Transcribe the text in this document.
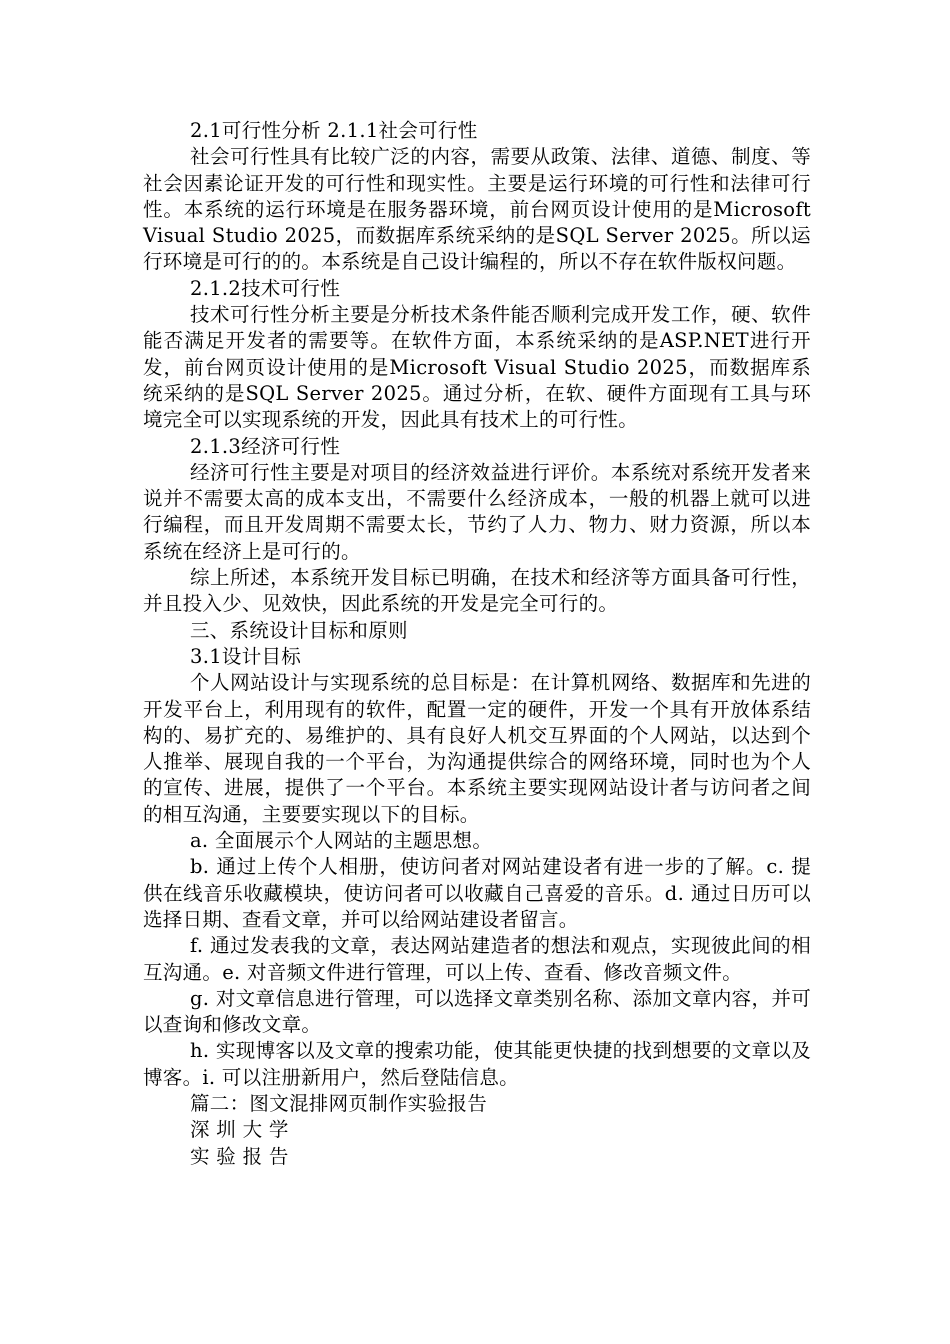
2.1可行性分析 2.1.1社会可行性

社会可行性具有比较广泛的内容，需要从政策、法律、道德、制度、等社会因素论证开发的可行性和现实性。主要是运行环境的可行性和法律可行性。本系统的运行环境是在服务器环境，前台网页设计使用的是Microsoft Visual Studio 2025，而数据库系统采纳的是SQL Server 2025。所以运行环境是可行的的。本系统是自己设计编程的，所以不存在软件版权问题。

2.1.2技术可行性

技术可行性分析主要是分析技术条件能否顺利完成开发工作，硬、软件能否满足开发者的需要等。在软件方面，本系统采纳的是ASP.NET进行开发，前台网页设计使用的是Microsoft Visual Studio 2025，而数据库系统采纳的是SQL Server 2025。通过分析，在软、硬件方面现有工具与环境完全可以实现系统的开发，因此具有技术上的可行性。

2.1.3经济可行性

经济可行性主要是对项目的经济效益进行评价。本系统对系统开发者来说并不需要太高的成本支出，不需要什么经济成本，一般的机器上就可以进行编程，而且开发周期不需要太长，节约了人力、物力、财力资源，所以本系统在经济上是可行的。

综上所述，本系统开发目标已明确，在技术和经济等方面具备可行性，并且投入少、见效快，因此系统的开发是完全可行的。

三、系统设计目标和原则

3.1设计目标

个人网站设计与实现系统的总目标是：在计算机网络、数据库和先进的开发平台上，利用现有的软件，配置一定的硬件，开发一个具有开放体系结构的、易扩充的、易维护的、具有良好人机交互界面的个人网站，以达到个人推举、展现自我的一个平台，为沟通提供综合的网络环境，同时也为个人的宣传、进展，提供了一个平台。本系统主要实现网站设计者与访问者之间的相互沟通，主要要实现以下的目标。

a. 全面展示个人网站的主题思想。

b. 通过上传个人相册，使访问者对网站建设者有进一步的了解。c. 提供在线音乐收藏模块，使访问者可以收藏自己喜爱的音乐。d. 通过日历可以选择日期、查看文章，并可以给网站建设者留言。

f. 通过发表我的文章，表达网站建造者的想法和观点，实现彼此间的相互沟通。e. 对音频文件进行管理，可以上传、查看、修改音频文件。

g. 对文章信息进行管理，可以选择文章类别名称、添加文章内容，并可以查询和修改文章。

h. 实现博客以及文章的搜索功能，使其能更快捷的找到想要的文章以及博客。i. 可以注册新用户，然后登陆信息。

篇二：图文混排网页制作实验报告

深 圳 大 学

实 验 报 告
